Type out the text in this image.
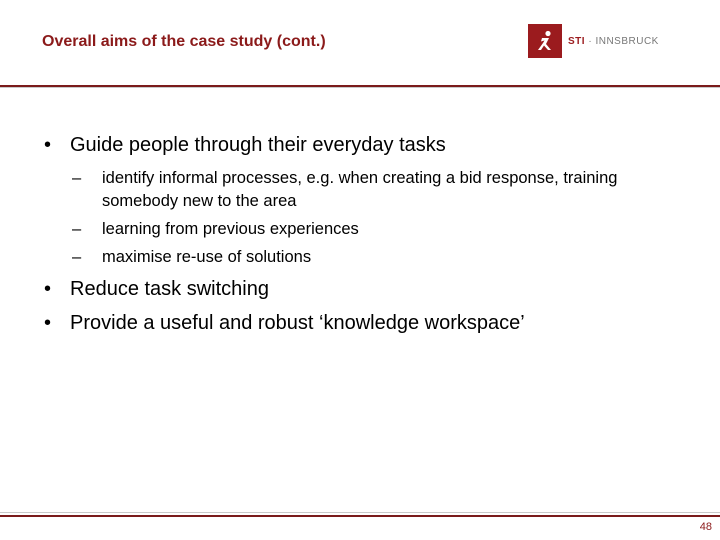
Overall aims of the case study (cont.)	STI · INNSBRUCK
• Guide people through their everyday tasks
–	identify informal processes, e.g. when creating a bid response, training somebody new to the area
–	learning from previous experiences
–	maximise re-use of solutions
• Reduce task switching
• Provide a useful and robust ‘knowledge workspace’
48
